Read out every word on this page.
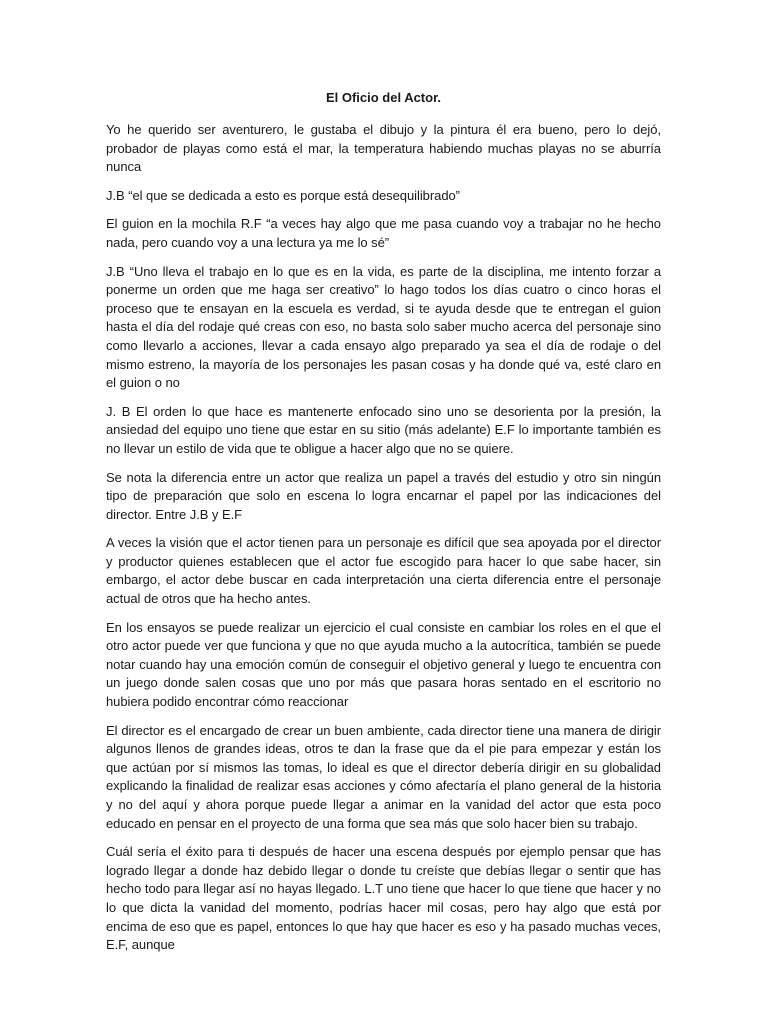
El Oficio del Actor.

Yo he querido ser aventurero, le gustaba el dibujo y la pintura él era bueno, pero lo dejó, probador de playas como está el mar, la temperatura habiendo muchas playas no se aburría nunca

J.B “el que se dedicada a esto es porque está desequilibrado”

El guion en la mochila R.F “a veces hay algo que me pasa cuando voy a trabajar no he hecho nada, pero cuando voy a una lectura ya me lo sé”

J.B “Uno lleva el trabajo en lo que es en la vida, es parte de la disciplina, me intento forzar a ponerme un orden que me haga ser creativo” lo hago todos los días cuatro o cinco horas el proceso que te ensayan en la escuela es verdad, si te ayuda desde que te entregan el guion hasta el día del rodaje qué creas con eso, no basta solo saber mucho acerca del personaje sino como llevarlo a acciones, llevar a cada ensayo algo preparado ya sea el día de rodaje o del mismo estreno, la mayoría de los personajes les pasan cosas y ha donde qué va, esté claro en el guion o no

J. B El orden lo que hace es mantenerte enfocado sino uno se desorienta por la presión, la ansiedad del equipo uno tiene que estar en su sitio (más adelante) E.F lo importante también es no llevar un estilo de vida que te obligue a hacer algo que no se quiere.

Se nota la diferencia entre un actor que realiza un papel a través del estudio y otro sin ningún tipo de preparación que solo en escena lo logra encarnar el papel por las indicaciones del director. Entre J.B y E.F

A veces la visión que el actor tienen para un personaje es difícil que sea apoyada por el director y productor quienes establecen que el actor fue escogido para hacer lo que sabe hacer, sin embargo, el actor debe buscar en cada interpretación una cierta diferencia entre el personaje actual de otros que ha hecho antes.

En los ensayos se puede realizar un ejercicio el cual consiste en cambiar los roles en el que el otro actor puede ver que funciona y que no que ayuda mucho a la autocrítica, también se puede notar cuando hay una emoción común de conseguir el objetivo general y luego te encuentra con un juego donde salen cosas que uno por más que pasara horas sentado en el escritorio no hubiera podido encontrar cómo reaccionar

El director es el encargado de crear un buen ambiente, cada director tiene una manera de dirigir algunos llenos de grandes ideas, otros te dan la frase que da el pie para empezar y están los que actúan por sí mismos las tomas, lo ideal es que el director debería dirigir en su globalidad explicando la finalidad de realizar esas acciones y cómo afectaría el plano general de la historia y no del aquí y ahora porque puede llegar a animar en la vanidad del actor que esta poco educado en pensar en el proyecto de una forma que sea más que solo hacer bien su trabajo.

Cuál sería el éxito para ti después de hacer una escena después por ejemplo pensar que has logrado llegar a donde haz debido llegar o donde tu creíste que debías llegar o sentir que has hecho todo para llegar así no hayas llegado. L.T uno tiene que hacer lo que tiene que hacer y no lo que dicta la vanidad del momento, podrías hacer mil cosas, pero hay algo que está por encima de eso que es papel, entonces lo que hay que hacer es eso y ha pasado muchas veces, E.F, aunque
